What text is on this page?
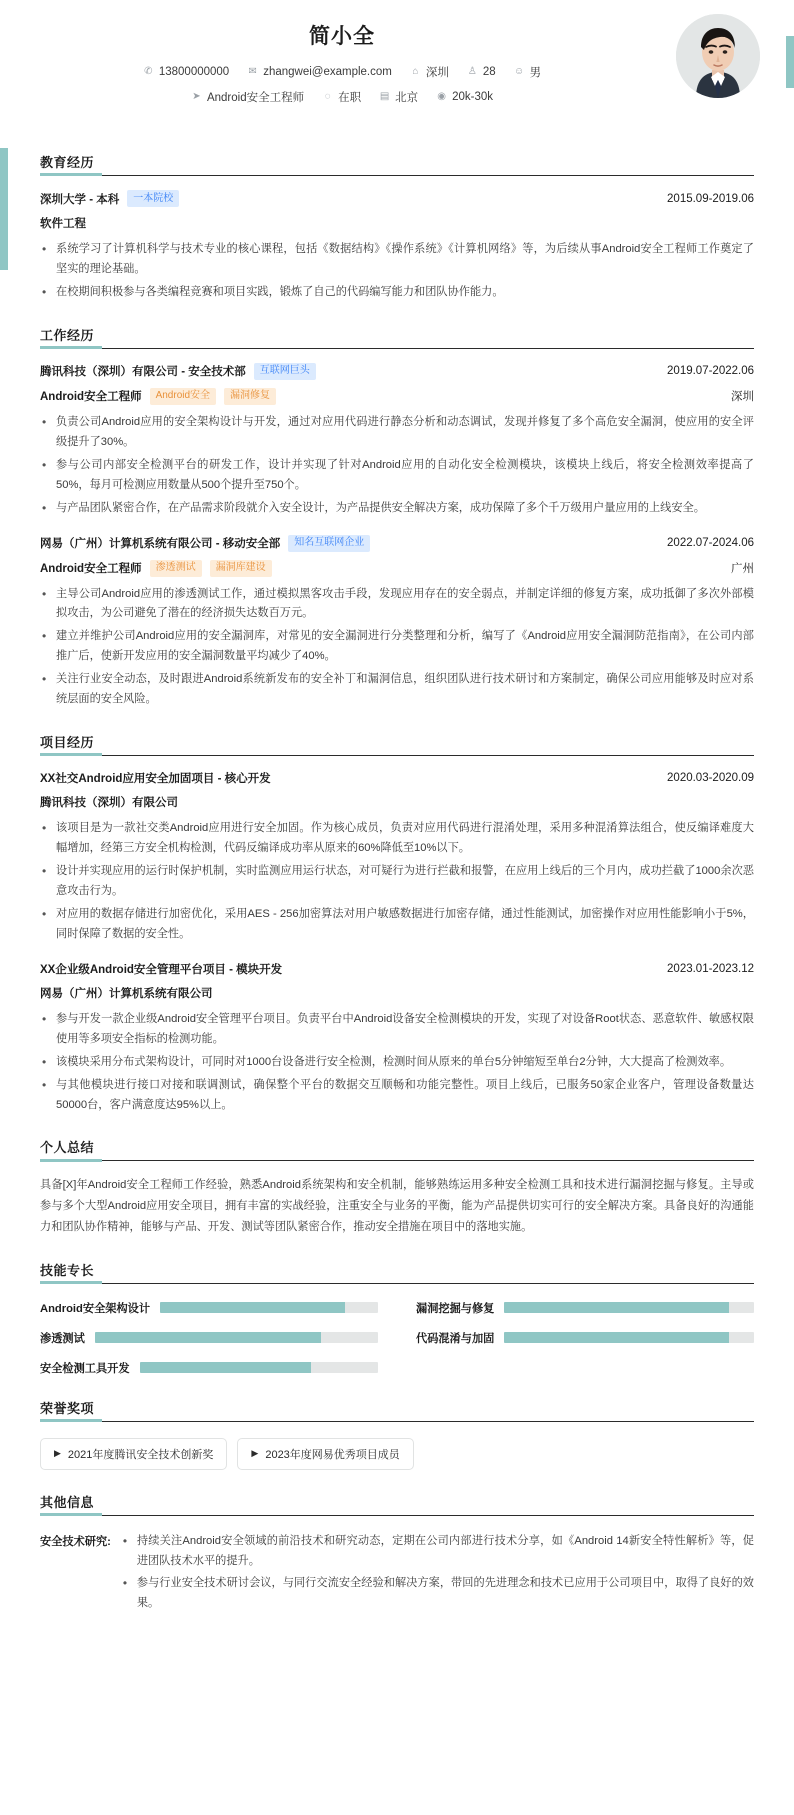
简小全
✆ 13800000000 ✉ zhangwei@example.com ⌂ 深圳 ♙ 28 ☺ 男
➤ Android安全工程师 ◌ 在职 ▤ 北京 ◉ 20k-30k
教育经历
深圳大学 - 本科	一本院校	2015.09-2019.06
软件工程
• 系统学习了计算机科学与技术专业的核心课程，包括《数据结构》《操作系统》《计算机网络》等，为后续从事Android安全工程师工作奠定了坚实的理论基础。
• 在校期间积极参与各类编程竞赛和项目实践，锻炼了自己的代码编写能力和团队协作能力。
工作经历
腾讯科技（深圳）有限公司 - 安全技术部	互联网巨头	2019.07-2022.06
Android安全工程师	Android安全	漏洞修复	深圳
• 负责公司Android应用的安全架构设计与开发，通过对应用代码进行静态分析和动态调试，发现并修复了多个高危安全漏洞，使应用的安全评级提升了30%。
• 参与公司内部安全检测平台的研发工作，设计并实现了针对Android应用的自动化安全检测模块，该模块上线后，将安全检测效率提高了50%，每月可检测应用数量从500个提升至750个。
• 与产品团队紧密合作，在产品需求阶段就介入安全设计，为产品提供安全解决方案，成功保障了多个千万级用户量应用的上线安全。
网易（广州）计算机系统有限公司 - 移动安全部	知名互联网企业	2022.07-2024.06
Android安全工程师	渗透测试	漏洞库建设	广州
• 主导公司Android应用的渗透测试工作，通过模拟黑客攻击手段，发现应用存在的安全弱点，并制定详细的修复方案，成功抵御了多次外部模拟攻击，为公司避免了潜在的经济损失达数百万元。
• 建立并维护公司Android应用的安全漏洞库，对常见的安全漏洞进行分类整理和分析，编写了《Android应用安全漏洞防范指南》，在公司内部推广后，使新开发应用的安全漏洞数量平均减少了40%。
• 关注行业安全动态，及时跟进Android系统新发布的安全补丁和漏洞信息，组织团队进行技术研讨和方案制定，确保公司应用能够及时应对系统层面的安全风险。
项目经历
XX社交Android应用安全加固项目 - 核心开发	2020.03-2020.09
腾讯科技（深圳）有限公司
• 该项目是为一款社交类Android应用进行安全加固。作为核心成员，负责对应用代码进行混淆处理，采用多种混淆算法组合，使反编译难度大幅增加，经第三方安全机构检测，代码反编译成功率从原来的60%降低至10%以下。
• 设计并实现应用的运行时保护机制，实时监测应用运行状态，对可疑行为进行拦截和报警，在应用上线后的三个月内，成功拦截了1000余次恶意攻击行为。
• 对应用的数据存储进行加密优化，采用AES - 256加密算法对用户敏感数据进行加密存储，通过性能测试，加密操作对应用性能影响小于5%，同时保障了数据的安全性。
XX企业级Android安全管理平台项目 - 模块开发	2023.01-2023.12
网易（广州）计算机系统有限公司
• 参与开发一款企业级Android安全管理平台项目。负责平台中Android设备安全检测模块的开发，实现了对设备Root状态、恶意软件、敏感权限使用等多项安全指标的检测功能。
• 该模块采用分布式架构设计，可同时对1000台设备进行安全检测，检测时间从原来的单台5分钟缩短至单台2分钟，大大提高了检测效率。
• 与其他模块进行接口对接和联调测试，确保整个平台的数据交互顺畅和功能完整性。项目上线后，已服务50家企业客户，管理设备数量达50000台，客户满意度达95%以上。
个人总结

具备[X]年Android安全工程师工作经验，熟悉Android系统架构和安全机制，能够熟练运用多种安全检测工具和技术进行漏洞挖掘与修复。主导或参与多个大型Android应用安全项目，拥有丰富的实战经验，注重安全与业务的平衡，能为产品提供切实可行的安全解决方案。具备良好的沟通能力和团队协作精神，能够与产品、开发、测试等团队紧密合作，推动安全措施在项目中的落地实施。

技能专长
Android安全架构设计	漏洞挖掘与修复
渗透测试	代码混淆与加固
安全检测工具开发
荣誉奖项
▶ 2021年度腾讯安全技术创新奖	▶ 2023年度网易优秀项目成员
其他信息
安全技术研究:	• 持续关注Android安全领域的前沿技术和研究动态，定期在公司内部进行技术分享，如《Android 14新安全特性解析》等，促进团队技术水平的提升。
• 参与行业安全技术研讨会议，与同行交流安全经验和解决方案，带回的先进理念和技术已应用于公司项目中，取得了良好的效果。
